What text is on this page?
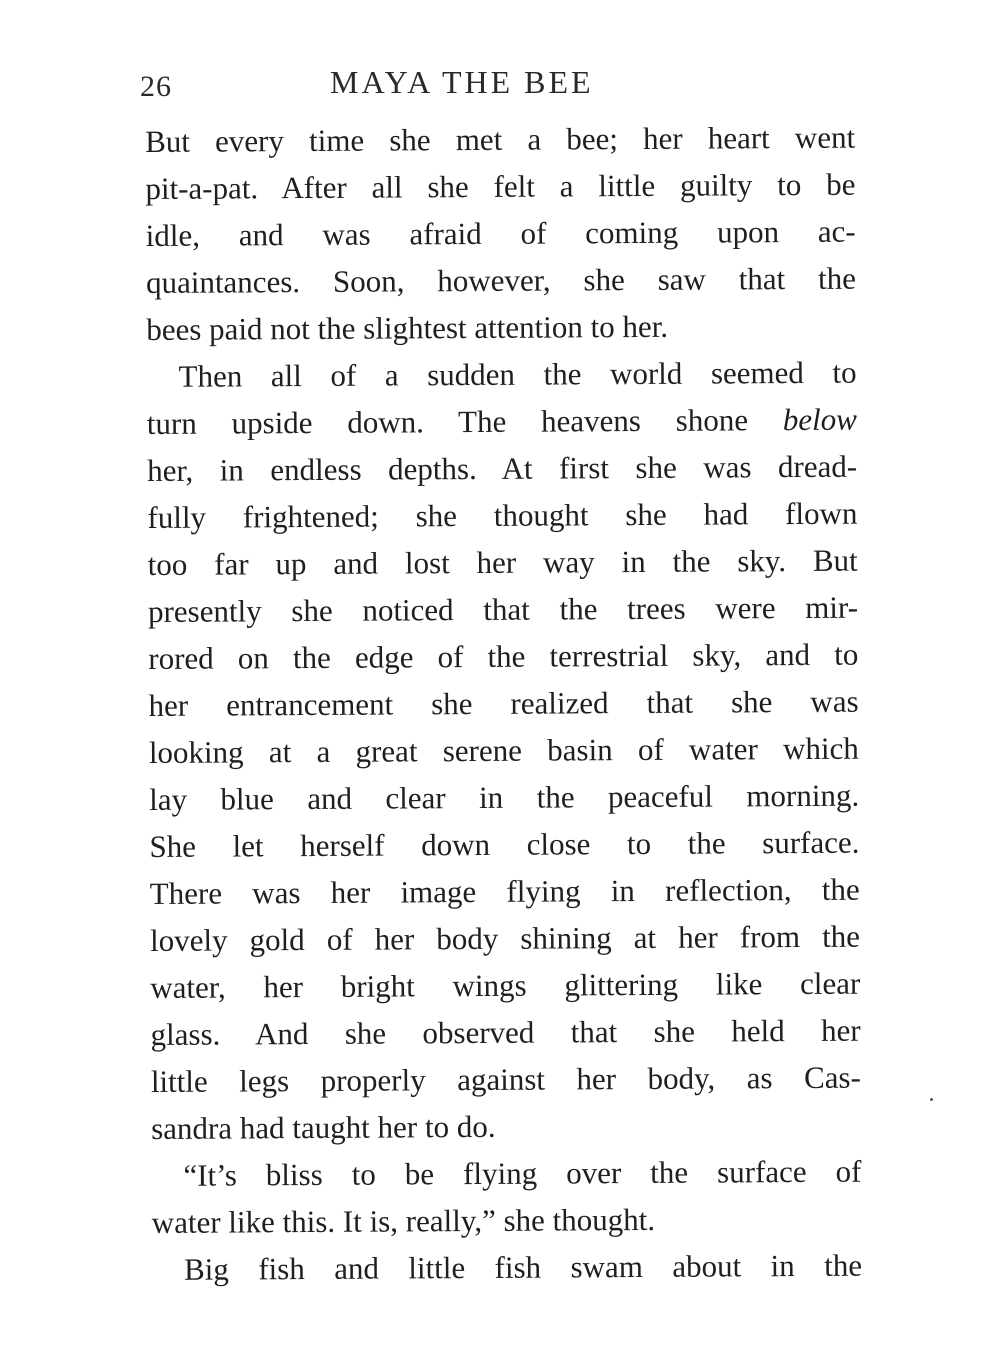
26	MAYA THE BEE
But every time she met a bee; her heart went
pit-a-pat. After all she felt a little guilty to be
idle, and was afraid of coming upon ac-
quaintances. Soon, however, she saw that the
bees paid not the slightest attention to her.
Then all of a sudden the world seemed to
turn upside down. The heavens shone below
her, in endless depths. At first she was dread-
fully frightened; she thought she had flown
too far up and lost her way in the sky. But
presently she noticed that the trees were mir-
rored on the edge of the terrestrial sky, and to
her entrancement she realized that she was
looking at a great serene basin of water which
lay blue and clear in the peaceful morning.
She let herself down close to the surface.
There was her image flying in reflection, the
lovely gold of her body shining at her from the
water, her bright wings glittering like clear
glass. And she observed that she held her
little legs properly against her body, as Cas-
sandra had taught her to do.
“It’s bliss to be flying over the surface of
water like this. It is, really,” she thought.
Big fish and little fish swam about in the
